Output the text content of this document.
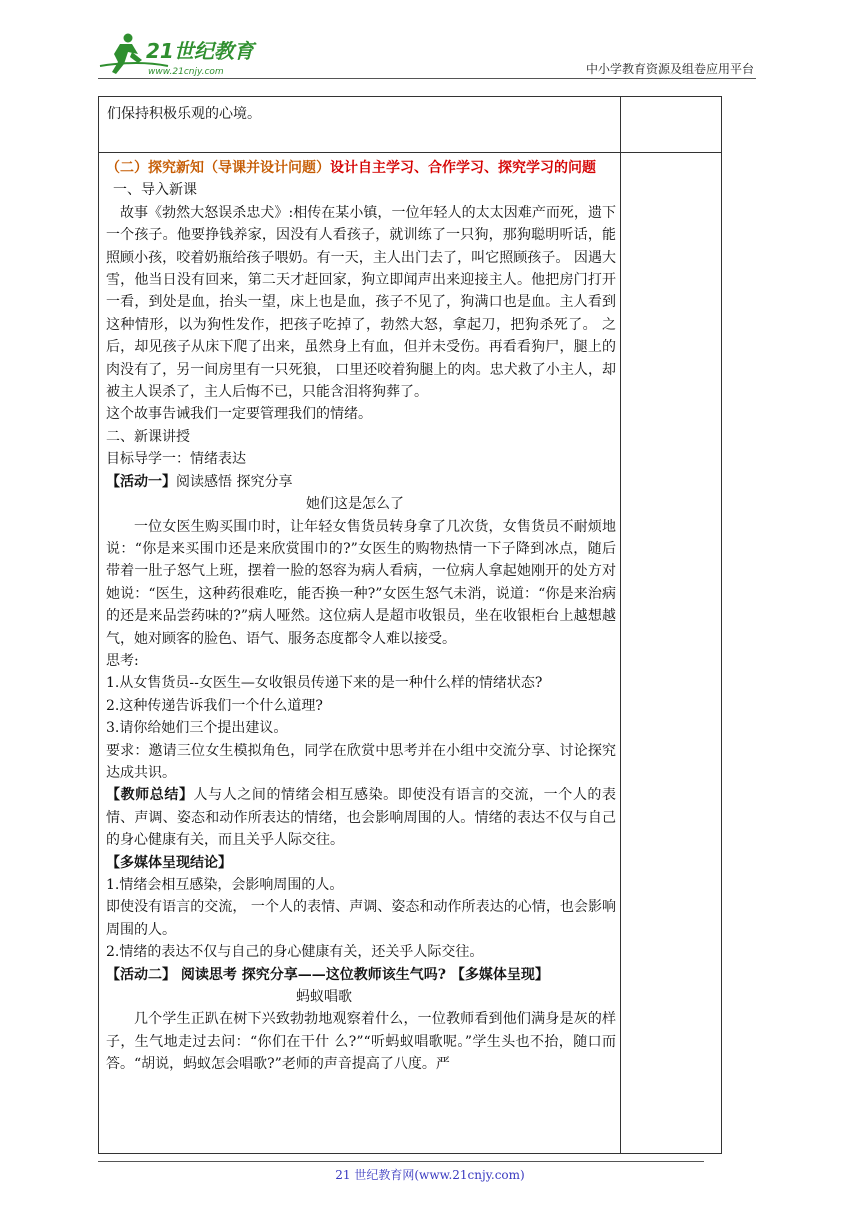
21世纪教育
www.21cnjy.com	中小学教育资源及组卷应用平台
们保持积极乐观的心境。

（二）探究新知（导课并设计问题）设计自主学习、合作学习、探究学习的问题

一、导入新课

故事《勃然大怒误杀忠犬》:相传在某小镇，一位年轻人的太太因难产而死，遗下一个孩子。他要挣钱养家，因没有人看孩子，就训练了一只狗，那狗聪明听话，能照顾小孩，咬着奶瓶给孩子喂奶。有一天，主人出门去了，叫它照顾孩子。 因遇大雪，他当日没有回来，第二天才赶回家，狗立即闻声出来迎接主人。他把房门打开一看，到处是血，抬头一望，床上也是血，孩子不见了，狗满口也是血。主人看到这种情形，以为狗性发作，把孩子吃掉了，勃然大怒，拿起刀，把狗杀死了。 之后，却见孩子从床下爬了出来，虽然身上有血，但并未受伤。再看看狗尸，腿上的肉没有了，另一间房里有一只死狼， 口里还咬着狗腿上的肉。忠犬救了小主人，却被主人误杀了，主人后悔不已，只能含泪将狗葬了。

这个故事告诫我们一定要管理我们的情绪。

二、新课讲授

目标导学一：情绪表达

【活动一】阅读感悟 探究分享

她们这是怎么了

一位女医生购买围巾时，让年轻女售货员转身拿了几次货，女售货员不耐烦地说：“你是来买围巾还是来欣赏围巾的?”女医生的购物热情一下子降到冰点，随后带着一肚子怒气上班，摆着一脸的怒容为病人看病，一位病人拿起她刚开的处方对她说：“医生，这种药很难吃，能否换一种?”女医生怒气未消，说道：“你是来治病的还是来品尝药味的?”病人哑然。这位病人是超市收银员，坐在收银柜台上越想越气，她对顾客的脸色、语气、服务态度都令人难以接受。

思考:

1.从女售货员--女医生—女收银员传递下来的是一种什么样的情绪状态?

2.这种传递告诉我们一个什么道理?

3.请你给她们三个提出建议。

要求：邀请三位女生模拟角色，同学在欣赏中思考并在小组中交流分享、讨论探究达成共识。

【教师总结】人与人之间的情绪会相互感染。即使没有语言的交流，一个人的表情、声调、姿态和动作所表达的情绪，也会影响周围的人。情绪的表达不仅与自己的身心健康有关，而且关乎人际交往。

【多媒体呈现结论】

1.情绪会相互感染，会影响周围的人。

即使没有语言的交流， 一个人的表情、声调、姿态和动作所表达的心情，也会影响周围的人。

2.情绪的表达不仅与自己的身心健康有关，还关乎人际交往。

【活动二】 阅读思考 探究分享——这位教师该生气吗? 【多媒体呈现】

蚂蚁唱歌

几个学生正趴在树下兴致勃勃地观察着什么，一位教师看到他们满身是灰的样子，生气地走过去问：“你们在干什 么?”“听蚂蚁唱歌呢。”学生头也不抬，随口而答。“胡说，蚂蚁怎会唱歌?”老师的声音提高了八度。严

21 世纪教育网(www.21cnjy.com)
